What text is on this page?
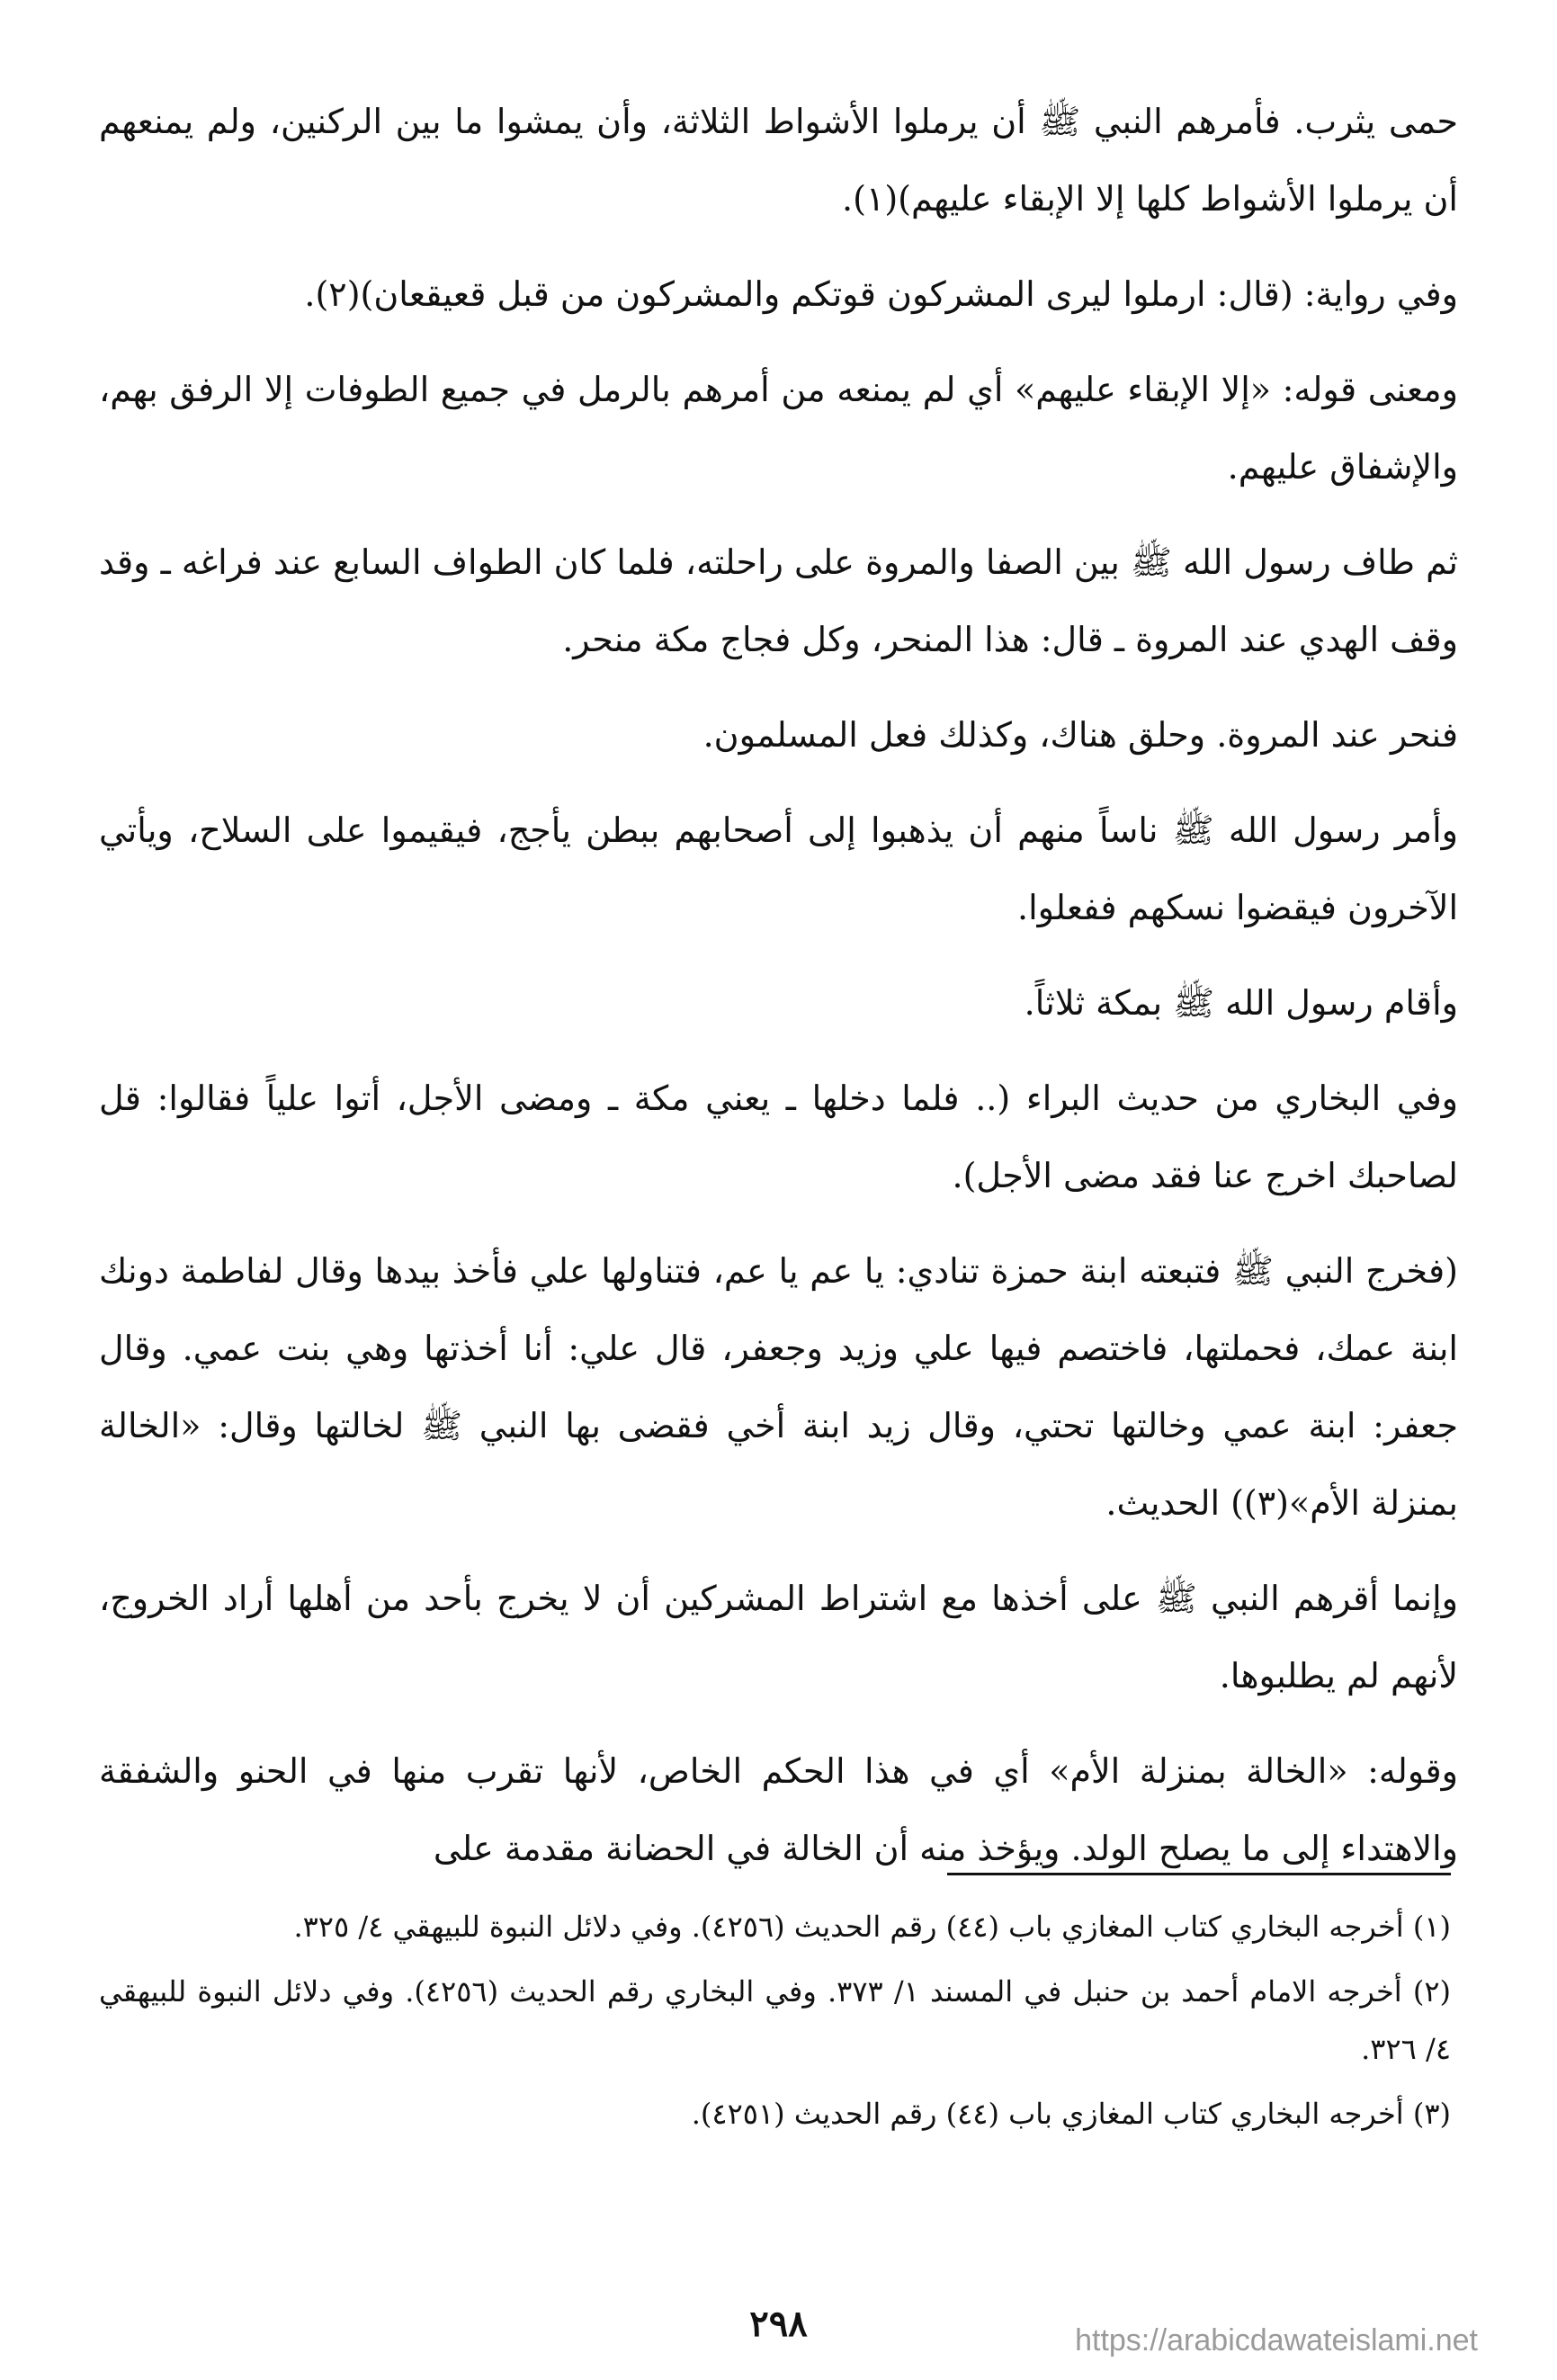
حمى يثرب. فأمرهم النبي ﷺ أن يرملوا الأشواط الثلاثة، وأن يمشوا ما بين الركنين، ولم يمنعهم أن يرملوا الأشواط كلها إلا الإبقاء عليهم)(١).

وفي رواية: (قال: ارملوا ليرى المشركون قوتكم والمشركون من قبل قعيقعان)(٢).

ومعنى قوله: «إلا الإبقاء عليهم» أي لم يمنعه من أمرهم بالرمل في جميع الطوفات إلا الرفق بهم، والإشفاق عليهم.

ثم طاف رسول الله ﷺ بين الصفا والمروة على راحلته، فلما كان الطواف السابع عند فراغه ـ وقد وقف الهدي عند المروة ـ قال: هذا المنحر، وكل فجاج مكة منحر.

فنحر عند المروة. وحلق هناك، وكذلك فعل المسلمون.

وأمر رسول الله ﷺ ناساً منهم أن يذهبوا إلى أصحابهم ببطن يأجج، فيقيموا على السلاح، ويأتي الآخرون فيقضوا نسكهم ففعلوا.

وأقام رسول الله ﷺ بمكة ثلاثاً.

وفي البخاري من حديث البراء (.. فلما دخلها ـ يعني مكة ـ ومضى الأجل، أتوا علياً فقالوا: قل لصاحبك اخرج عنا فقد مضى الأجل).

(فخرج النبي ﷺ فتبعته ابنة حمزة تنادي: يا عم يا عم، فتناولها علي فأخذ بيدها وقال لفاطمة دونك ابنة عمك، فحملتها، فاختصم فيها علي وزيد وجعفر، قال علي: أنا أخذتها وهي بنت عمي. وقال جعفر: ابنة عمي وخالتها تحتي، وقال زيد ابنة أخي فقضى بها النبي ﷺ لخالتها وقال: «الخالة بمنزلة الأم»(٣)) الحديث.

وإنما أقرهم النبي ﷺ على أخذها مع اشتراط المشركين أن لا يخرج بأحد من أهلها أراد الخروج، لأنهم لم يطلبوها.

وقوله: «الخالة بمنزلة الأم» أي في هذا الحكم الخاص، لأنها تقرب منها في الحنو والشفقة والاهتداء إلى ما يصلح الولد. ويؤخذ منه أن الخالة في الحضانة مقدمة على

(١) أخرجه البخاري كتاب المغازي باب (٤٤) رقم الحديث (٤٢٥٦). وفي دلائل النبوة للبيهقي ٤/ ٣٢٥.

(٢) أخرجه الامام أحمد بن حنبل في المسند ١/ ٣٧٣. وفي البخاري رقم الحديث (٤٢٥٦). وفي دلائل النبوة للبيهقي ٤/ ٣٢٦.

(٣) أخرجه البخاري كتاب المغازي باب (٤٤) رقم الحديث (٤٢٥١).

٢٩٨	https://arabicdawateislami.net
